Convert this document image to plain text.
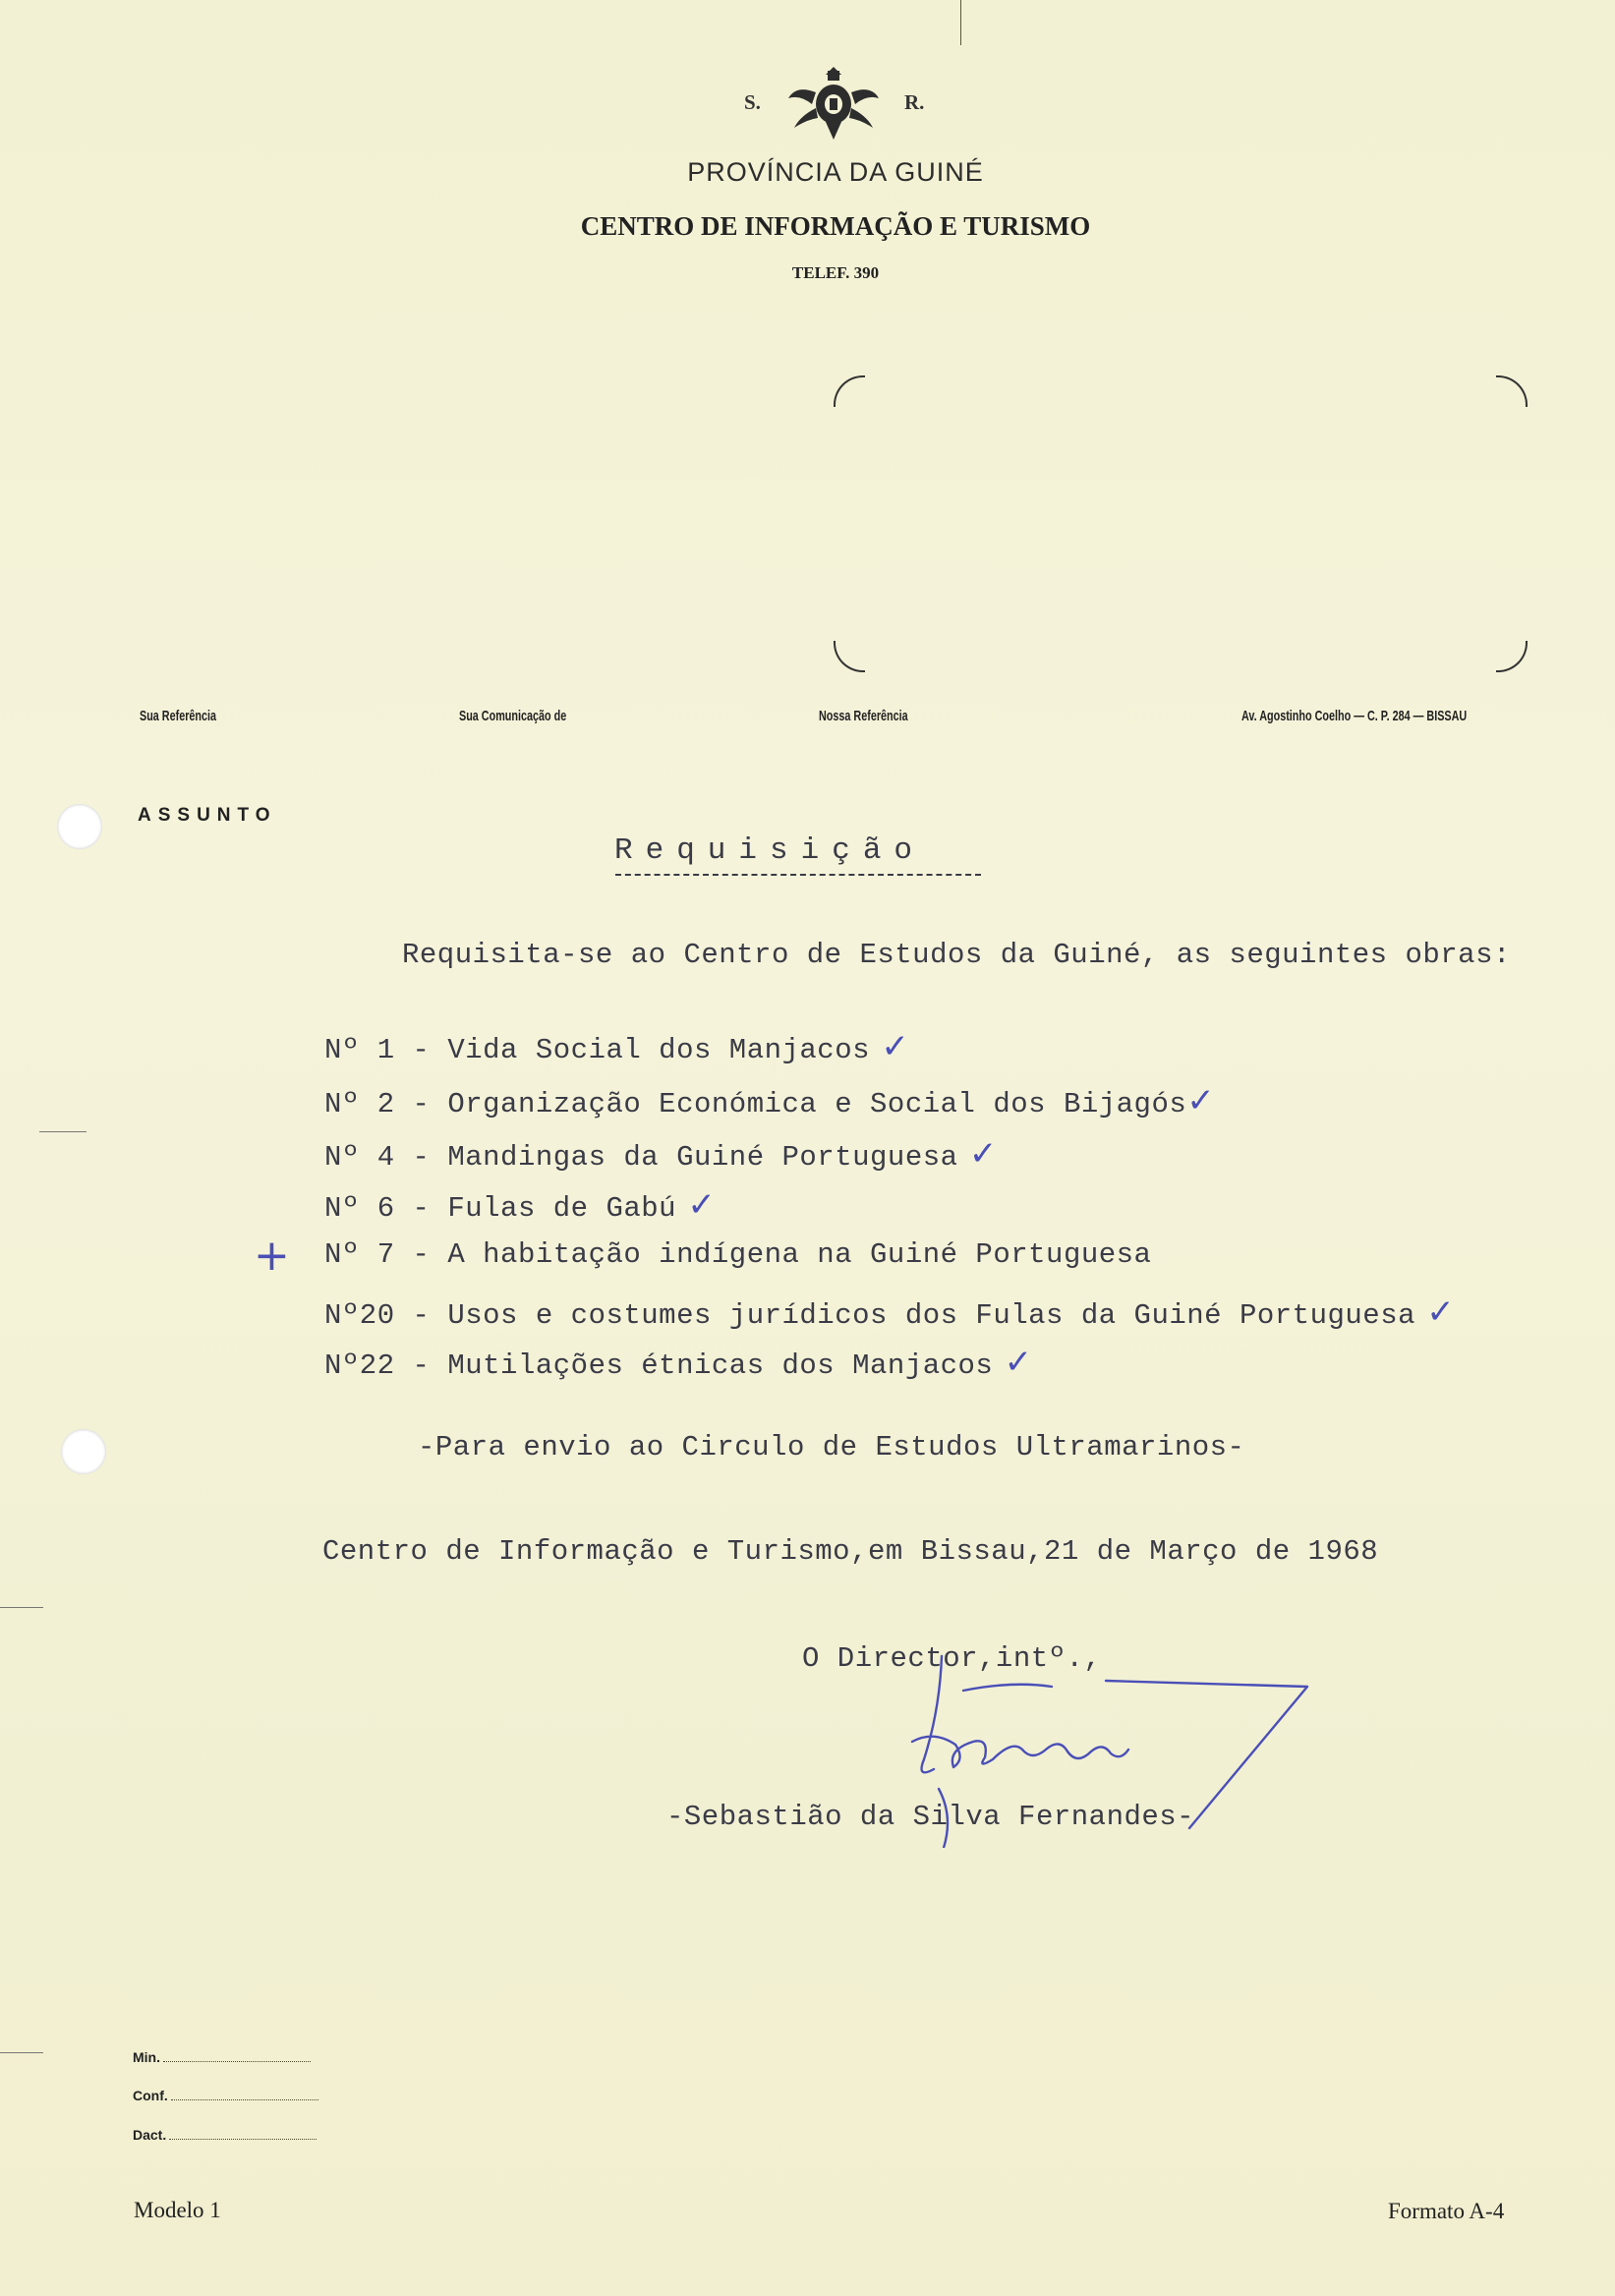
S.	R.
PROVÍNCIA DA GUINÉ
CENTRO DE INFORMAÇÃO E TURISMO
TELEF. 390
Sua Referência	Sua Comunicação de	Nossa Referência	Av. Agostinho Coelho — C. P. 284 — BISSAU
ASSUNTO
Requisição
Requisita-se ao Centro de Estudos da Guiné, as seguintes obras:
Nº 1 - Vida Social dos Manjacos ✓
Nº 2 - Organização Económica e Social dos Bijagós✓
Nº 4 - Mandingas da Guiné Portuguesa ✓
Nº 6 - Fulas de Gabú ✓
+ Nº 7 - A habitação indígena na Guiné Portuguesa
Nº20 - Usos e costumes jurídicos dos Fulas da Guiné Portuguesa ✓
Nº22 - Mutilações étnicas dos Manjacos ✓
-Para envio ao Circulo de Estudos Ultramarinos-
Centro de Informação e Turismo,em Bissau,21 de Março de 1968
O Director,intº.,
-Sebastião da Silva Fernandes-
Min.
Conf.
Dact.
Modelo 1	Formato A-4
